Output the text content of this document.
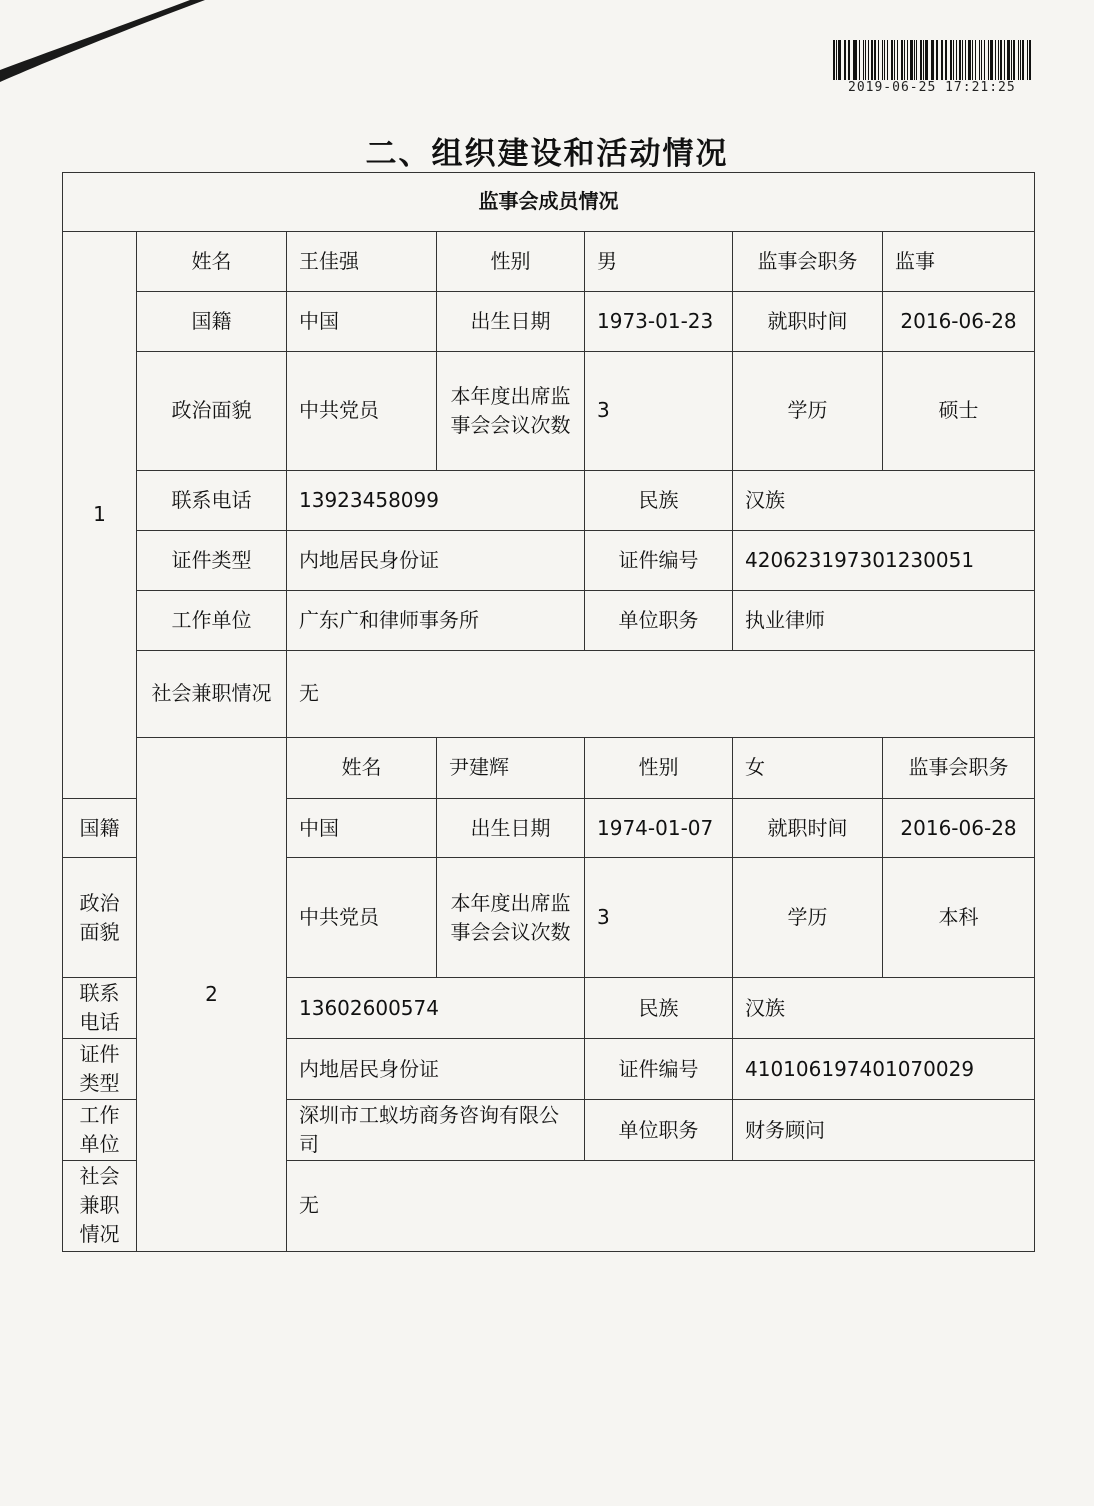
2019-06-25 17:21:25
二、组织建设和活动情况
监事会成员情况							
1	姓名	王佳强	性别	男	监事会职务	监事	
	国籍	中国	出生日期	1973-01-23	就职时间	2016-06-28	
	政治面貌	中共党员	本年度出席监事会会议次数	3	学历	硕士	
	联系电话	13923458099		民族	汉族		
	证件类型	内地居民身份证		证件编号	420623197301230051		
	工作单位	广东广和律师事务所		单位职务	执业律师		
	社会兼职情况	无					
	2	姓名	尹建辉	性别	女	监事会职务	
国籍		中国	出生日期	1974-01-07	就职时间	2016-06-28	
政治面貌		中共党员	本年度出席监事会会议次数	3	学历	本科	
联系电话		13602600574		民族	汉族		
证件类型		内地居民身份证		证件编号	410106197401070029		
工作单位		深圳市工蚁坊商务咨询有限公司		单位职务	财务顾问		
社会兼职情况		无					
